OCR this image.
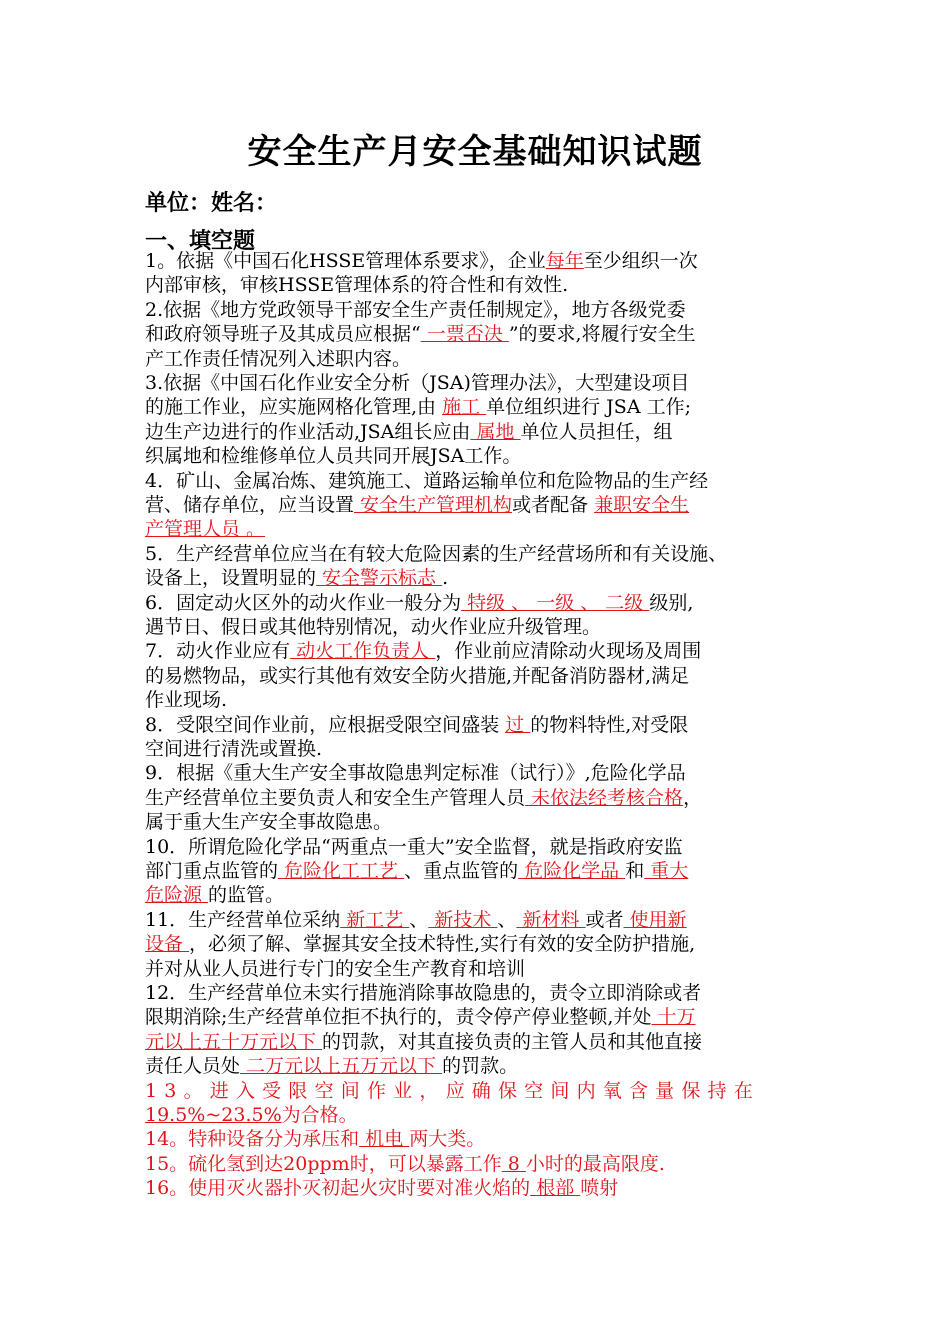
安全生产月安全基础知识试题
单位：姓名：
一、填空题
1。依据《中国石化HSSE管理体系要求》，企业每年至少组织一次
内部审核，审核HSSE管理体系的符合性和有效性.
2.依据《地方党政领导干部安全生产责任制规定》，地方各级党委
和政府领导班子及其成员应根据“ 一票否决 ”的要求,将履行安全生
产工作责任情况列入述职内容。
3.依据《中国石化作业安全分析（JSA)管理办法》，大型建设项目
的施工作业，应实施网格化管理,由 施工 单位组织进行 JSA 工作;
边生产边进行的作业活动,JSA组长应由 属地 单位人员担任，组
织属地和检维修单位人员共同开展JSA工作。
4．矿山、金属冶炼、建筑施工、道路运输单位和危险物品的生产经
营、储存单位，应当设置 安全生产管理机构或者配备 兼职安全生
产管理人员 。
5．生产经营单位应当在有较大危险因素的生产经营场所和有关设施、
设备上，设置明显的 安全警示标志 .
6．固定动火区外的动火作业一般分为 特级 、 一级 、 二级 级别,
遇节日、假日或其他特别情况，动火作业应升级管理。
7．动火作业应有 动火工作负责人 ，作业前应清除动火现场及周围
的易燃物品，或实行其他有效安全防火措施,并配备消防器材,满足
作业现场.
8．受限空间作业前，应根据受限空间盛装 过 的物料特性,对受限
空间进行清洗或置换.
9．根据《重大生产安全事故隐患判定标准（试行）》,危险化学品
生产经营单位主要负责人和安全生产管理人员 未依法经考核合格，
属于重大生产安全事故隐患。
10．所谓危险化学品“两重点一重大”安全监督，就是指政府安监
部门重点监管的 危险化工工艺 、重点监管的 危险化学品 和 重大
危险源 的监管。
11．生产经营单位采纳 新工艺 、 新技术 、 新材料 或者 使用新
设备 ，必须了解、掌握其安全技术特性,实行有效的安全防护措施,
并对从业人员进行专门的安全生产教育和培训
12．生产经营单位未实行措施消除事故隐患的，责令立即消除或者
限期消除;生产经营单位拒不执行的，责令停产停业整顿,并处 十万
元以上五十万元以下 的罚款，对其直接负责的主管人员和其他直接
责任人员处 二万元以上五万元以下 的罚款。
13。进入受限空间作业，应确保空间内氧含量保持在
19.5%~23.5%为合格。
14。特种设备分为承压和 机电 两大类。
15。硫化氢到达20ppm时，可以暴露工作 8 小时的最高限度.
16。使用灭火器扑灭初起火灾时要对准火焰的 根部 喷射
